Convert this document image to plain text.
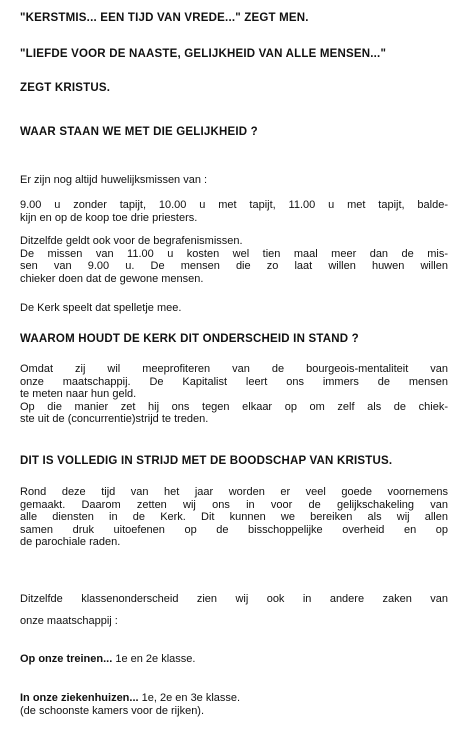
"KERSTMIS... EEN TIJD VAN VREDE..." ZEGT MEN.

"LIEFDE VOOR DE NAASTE, GELIJKHEID VAN ALLE MENSEN..."

ZEGT KRISTUS.

WAAR STAAN WE MET DIE GELIJKHEID ?

Er zijn nog altijd huwelijksmissen van :

9.00 u zonder tapijt, 10.00 u met tapijt, 11.00 u met tapijt, balde-
kijn en op de koop toe drie priesters.

Ditzelfde geldt ook voor de begrafenismissen.
De missen van 11.00 u kosten wel tien maal meer dan de mis-
sen van 9.00 u. De mensen die zo laat willen huwen willen
chieker doen dat de gewone mensen.

De Kerk speelt dat spelletje mee.

WAAROM HOUDT DE KERK DIT ONDERSCHEID IN STAND ?

Omdat zij wil meeprofiteren van de bourgeois-mentaliteit van
onze maatschappij. De Kapitalist leert ons immers de mensen
te meten naar hun geld.
Op die manier zet hij ons tegen elkaar op om zelf als de chiek-
ste uit de (concurrentie)strijd te treden.

DIT IS VOLLEDIG IN STRIJD MET DE BOODSCHAP VAN KRISTUS.

Rond deze tijd van het jaar worden er veel goede voornemens
gemaakt. Daarom zetten wij ons in voor de gelijkschakeling van
alle diensten in de Kerk. Dit kunnen we bereiken als wij allen
samen druk uitoefenen op de bisschoppelijke overheid en op
de parochiale raden.

Ditzelfde klassenonderscheid zien wij ook in andere zaken van
onze maatschappij :

Op onze treinen... 1e en 2e klasse.

In onze ziekenhuizen... 1e, 2e en 3e klasse.
(de schoonste kamers voor de rijken).
